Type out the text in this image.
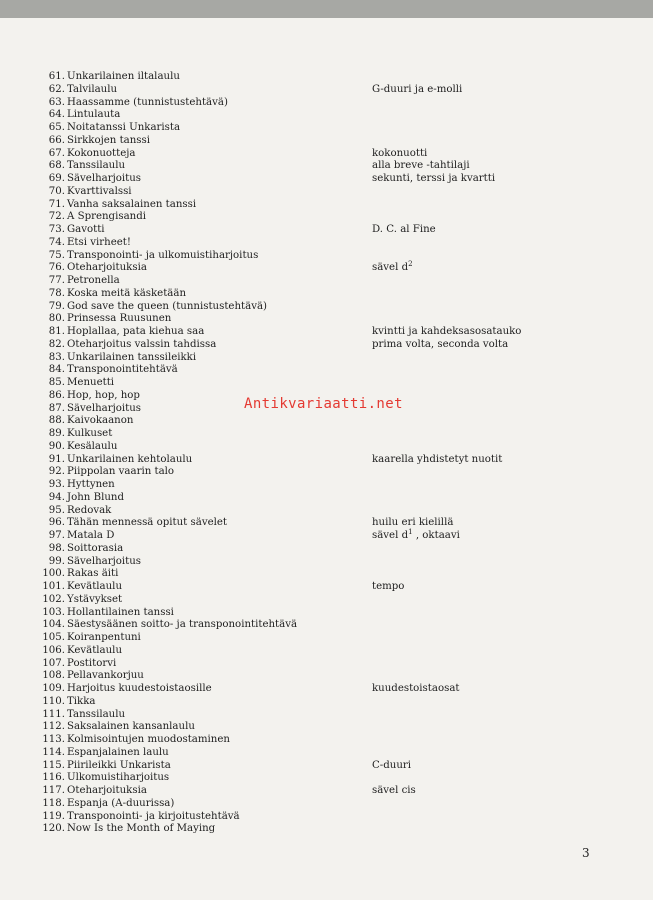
61. Unkarilainen iltalaulu
62. Talvilaulu	G-duuri ja e-molli
63. Haassamme (tunnistustehtävä)
64. Lintulauta
65. Noitatanssi Unkarista
66. Sirkkojen tanssi
67. Kokonuotteja	kokonuotti
68. Tanssilaulu	alla breve -tahtilaji
69. Sävelharjoitus	sekunti, terssi ja kvartti
70. Kvarttivalssi
71. Vanha saksalainen tanssi
72. A Sprengisandi
73. Gavotti	D. C. al Fine
74. Etsi virheet!
75. Transponointi- ja ulkomuistiharjoitus
76. Oteharjoituksia	sävel $d^2$
77. Petronella
78. Koska meitä käsketään
79. God save the queen (tunnistustehtävä)
80. Prinsessa Ruusunen
81. Hoplallaa, pata kiehua saa	kvintti ja kahdeksasosatauko
82. Oteharjoitus valssin tahdissa	prima volta, seconda volta
83. Unkarilainen tanssileikki
84. Transponointitehtävä
85. Menuetti
86. Hop, hop, hop
87. Sävelharjoitus
88. Kaivokaanon
89. Kulkuset
90. Kesälaulu
91. Unkarilainen kehtolaulu	kaarella yhdistetyt nuotit
92. Piippolan vaarin talo
93. Hyttynen
94. John Blund
95. Redovak
96. Tähän mennessä opitut sävelet	huilu eri kielillä
97. Matala D	sävel $d^1$ , oktaavi
98. Soittorasia
99. Sävelharjoitus
100. Rakas äiti
101. Kevätlaulu	tempo
102. Ystävykset
103. Hollantilainen tanssi
104. Säestysäänen soitto- ja transponointitehtävä
105. Koiranpentuni
106. Kevätlaulu
107. Postitorvi
108. Pellavankorjuu
109. Harjoitus kuudestoistaosille	kuudestoistaosat
110. Tikka
111. Tanssilaulu
112. Saksalainen kansanlaulu
113. Kolmisointujen muodostaminen
114. Espanjalainen laulu
115. Piirileikki Unkarista	C-duuri
116. Ulkomuistiharjoitus
117. Oteharjoituksia	sävel cis
118. Espanja (A-duurissa)
119. Transponointi- ja kirjoitustehtävä
120. Now Is the Month of Maying
Antikvariaatti.net
3
